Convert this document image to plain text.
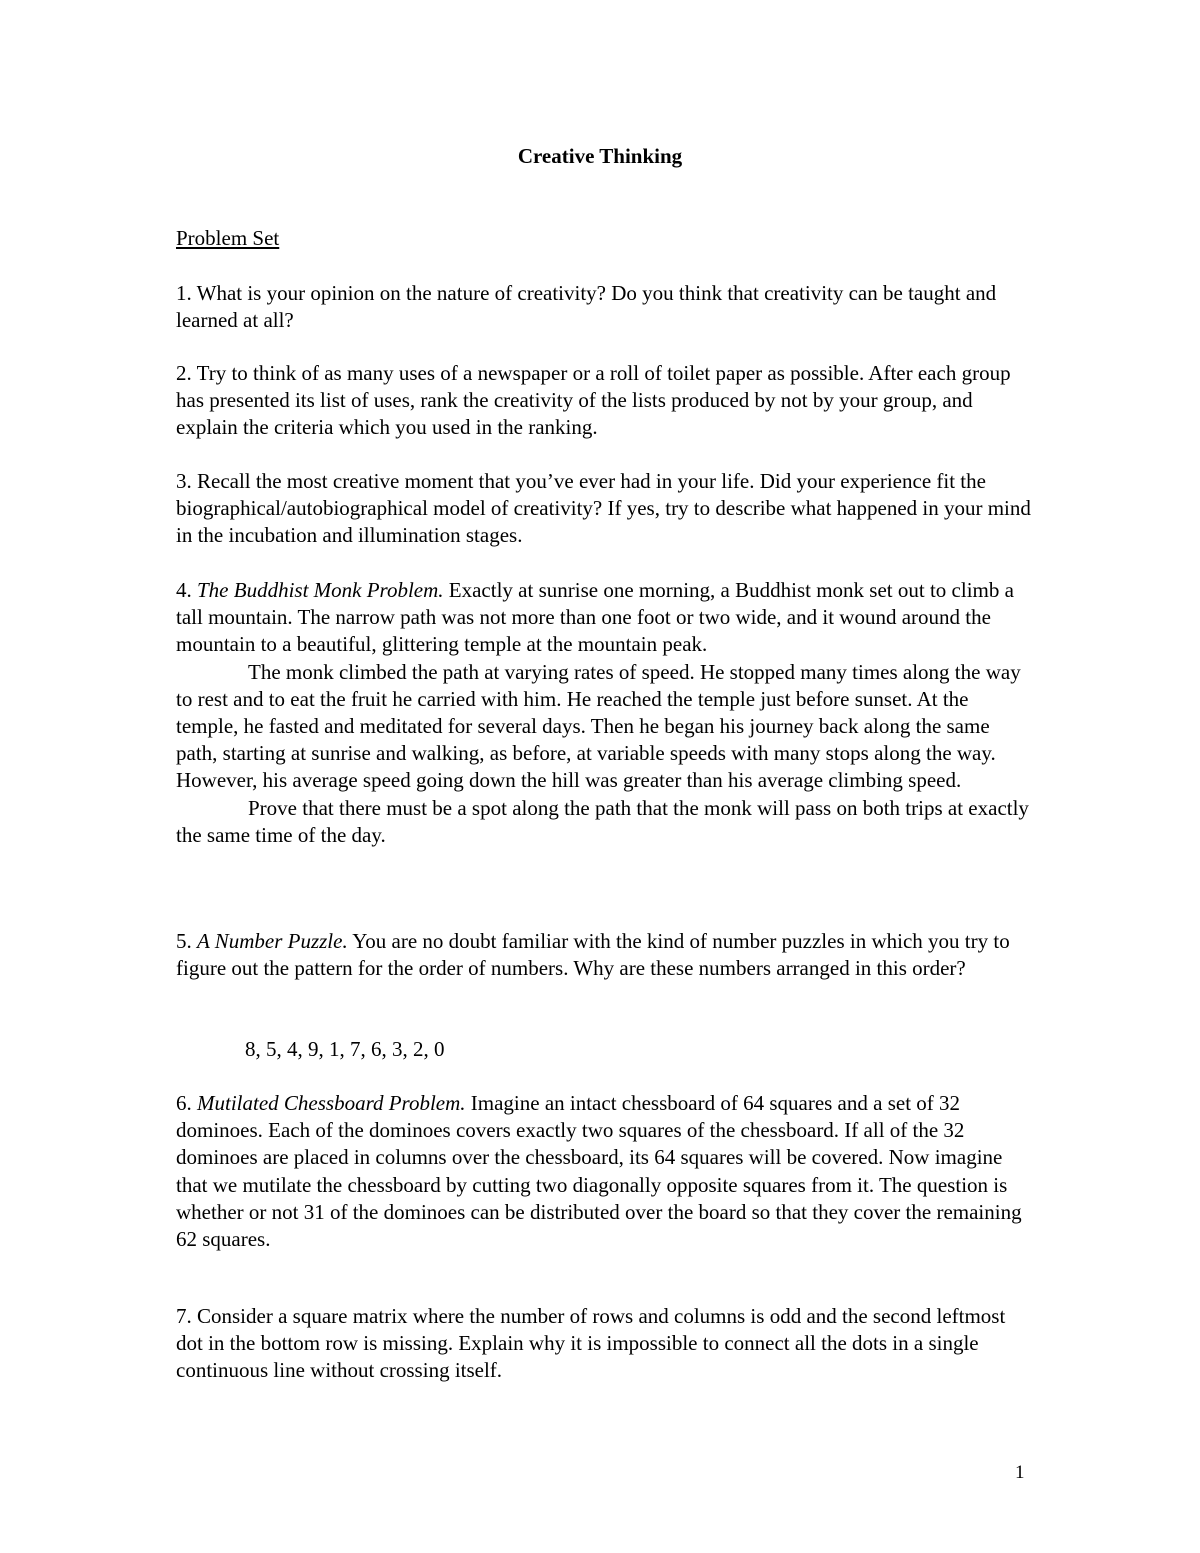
Creative Thinking
Problem Set
1. What is your opinion on the nature of creativity? Do you think that creativity can be taught and learned at all?
2. Try to think of as many uses of a newspaper or a roll of toilet paper as possible. After each group has presented its list of uses, rank the creativity of the lists produced by not by your group, and explain the criteria which you used in the ranking.
3. Recall the most creative moment that you’ve ever had in your life. Did your experience fit the biographical/autobiographical model of creativity? If yes, try to describe what happened in your mind in the incubation and illumination stages.
4. The Buddhist Monk Problem. Exactly at sunrise one morning, a Buddhist monk set out to climb a tall mountain. The narrow path was not more than one foot or two wide, and it wound around the mountain to a beautiful, glittering temple at the mountain peak.
The monk climbed the path at varying rates of speed. He stopped many times along the way to rest and to eat the fruit he carried with him. He reached the temple just before sunset. At the temple, he fasted and meditated for several days. Then he began his journey back along the same path, starting at sunrise and walking, as before, at variable speeds with many stops along the way. However, his average speed going down the hill was greater than his average climbing speed.
Prove that there must be a spot along the path that the monk will pass on both trips at exactly the same time of the day.
5. A Number Puzzle. You are no doubt familiar with the kind of number puzzles in which you try to figure out the pattern for the order of numbers. Why are these numbers arranged in this order?
8, 5, 4, 9, 1, 7, 6, 3, 2, 0
6. Mutilated Chessboard Problem. Imagine an intact chessboard of 64 squares and a set of 32 dominoes. Each of the dominoes covers exactly two squares of the chessboard. If all of the 32 dominoes are placed in columns over the chessboard, its 64 squares will be covered. Now imagine that we mutilate the chessboard by cutting two diagonally opposite squares from it. The question is whether or not 31 of the dominoes can be distributed over the board so that they cover the remaining 62 squares.
7. Consider a square matrix where the number of rows and columns is odd and the second leftmost dot in the bottom row is missing. Explain why it is impossible to connect all the dots in a single continuous line without crossing itself.
1
